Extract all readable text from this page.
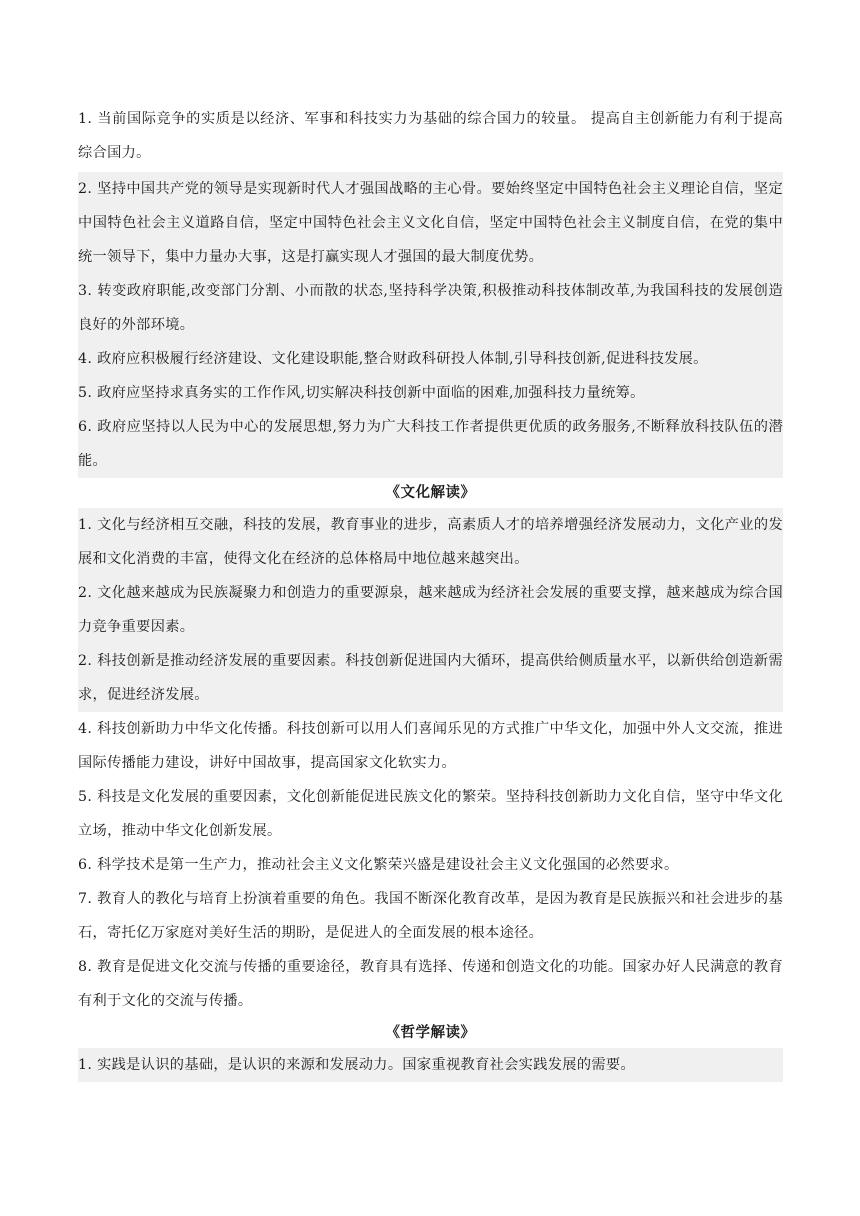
1. 当前国际竞争的实质是以经济、军事和科技实力为基础的综合国力的较量。 提高自主创新能力有利于提高综合国力。

2. 坚持中国共产党的领导是实现新时代人才强国战略的主心骨。要始终坚定中国特色社会主义理论自信，坚定中国特色社会主义道路自信，坚定中国特色社会主义文化自信，坚定中国特色社会主义制度自信，在党的集中统一领导下，集中力量办大事，这是打赢实现人才强国的最大制度优势。

3. 转变政府职能,改变部门分割、小而散的状态,坚持科学决策,积极推动科技体制改革,为我国科技的发展创造良好的外部环境。

4. 政府应积极履行经济建设、文化建设职能,整合财政科研投人体制,引导科技创新,促进科技发展。

5. 政府应坚持求真务实的工作作风,切实解决科技创新中面临的困难,加强科技力量统筹。

6. 政府应坚持以人民为中心的发展思想,努力为广大科技工作者提供更优质的政务服务,不断释放科技队伍的潜能。

《文化解读》

1. 文化与经济相互交融，科技的发展，教育事业的进步，高素质人才的培养增强经济发展动力，文化产业的发展和文化消费的丰富，使得文化在经济的总体格局中地位越来越突出。

2. 文化越来越成为民族凝聚力和创造力的重要源泉，越来越成为经济社会发展的重要支撑，越来越成为综合国力竞争重要因素。

2. 科技创新是推动经济发展的重要因素。科技创新促进国内大循环，提高供给侧质量水平，以新供给创造新需求，促进经济发展。

4. 科技创新助力中华文化传播。科技创新可以用人们喜闻乐见的方式推广中华文化，加强中外人文交流，推进国际传播能力建设，讲好中国故事，提高国家文化软实力。

5. 科技是文化发展的重要因素，文化创新能促进民族文化的繁荣。坚持科技创新助力文化自信，坚守中华文化立场，推动中华文化创新发展。

6. 科学技术是第一生产力，推动社会主义文化繁荣兴盛是建设社会主义文化强国的必然要求。

7. 教育人的教化与培育上扮演着重要的角色。我国不断深化教育改革，是因为教育是民族振兴和社会进步的基石，寄托亿万家庭对美好生活的期盼，是促进人的全面发展的根本途径。

8. 教育是促进文化交流与传播的重要途径，教育具有选择、传递和创造文化的功能。国家办好人民满意的教育有利于文化的交流与传播。

《哲学解读》

1. 实践是认识的基础，是认识的来源和发展动力。国家重视教育社会实践发展的需要。
